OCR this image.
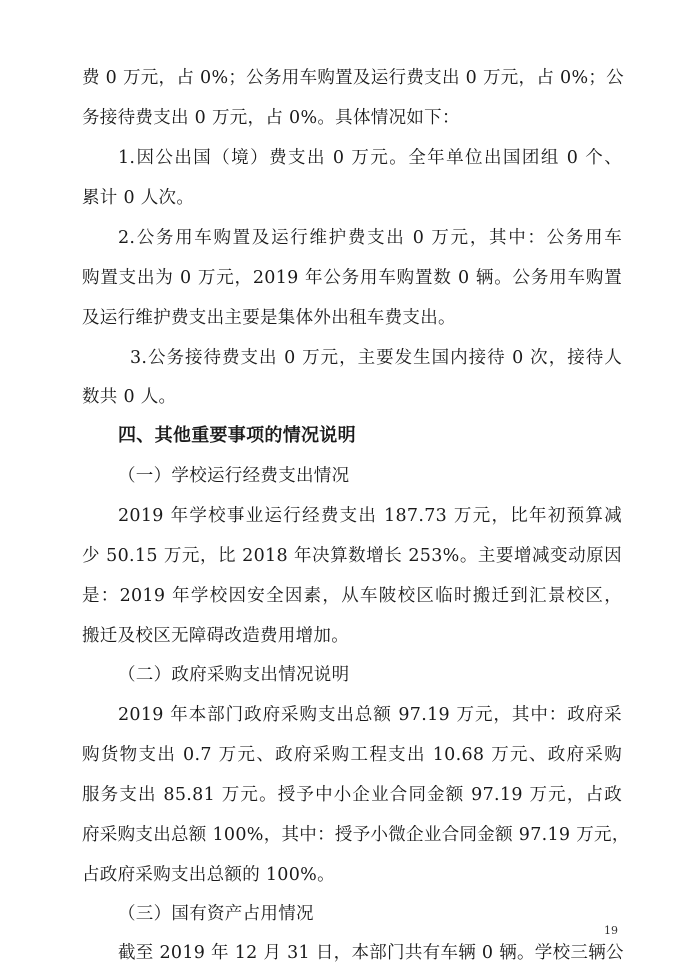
费 0 万元，占 0%；公务用车购置及运行费支出 0 万元，占 0%；公
务接待费支出 0 万元，占 0%。具体情况如下：
1.因公出国（境）费支出 0 万元。全年单位出国团组 0 个、
累计 0 人次。
2.公务用车购置及运行维护费支出 0 万元，其中：公务用车
购置支出为 0 万元，2019 年公务用车购置数 0 辆。公务用车购置
及运行维护费支出主要是集体外出租车费支出。
3.公务接待费支出 0 万元，主要发生国内接待 0 次，接待人
数共 0 人。
四、其他重要事项的情况说明
（一）学校运行经费支出情况
2019 年学校事业运行经费支出 187.73 万元，比年初预算减
少 50.15 万元，比 2018 年决算数增长 253%。主要增减变动原因
是：2019 年学校因安全因素，从车陂校区临时搬迁到汇景校区，
搬迁及校区无障碍改造费用增加。
（二）政府采购支出情况说明
2019 年本部门政府采购支出总额 97.19 万元，其中：政府采
购货物支出 0.7 万元、政府采购工程支出 10.68 万元、政府采购
服务支出 85.81 万元。授予中小企业合同金额 97.19 万元，占政
府采购支出总额 100%，其中：授予小微企业合同金额 97.19 万元，
占政府采购支出总额的 100%。
（三）国有资产占用情况
截至 2019 年 12 月 31 日，本部门共有车辆 0 辆。学校三辆公
19
